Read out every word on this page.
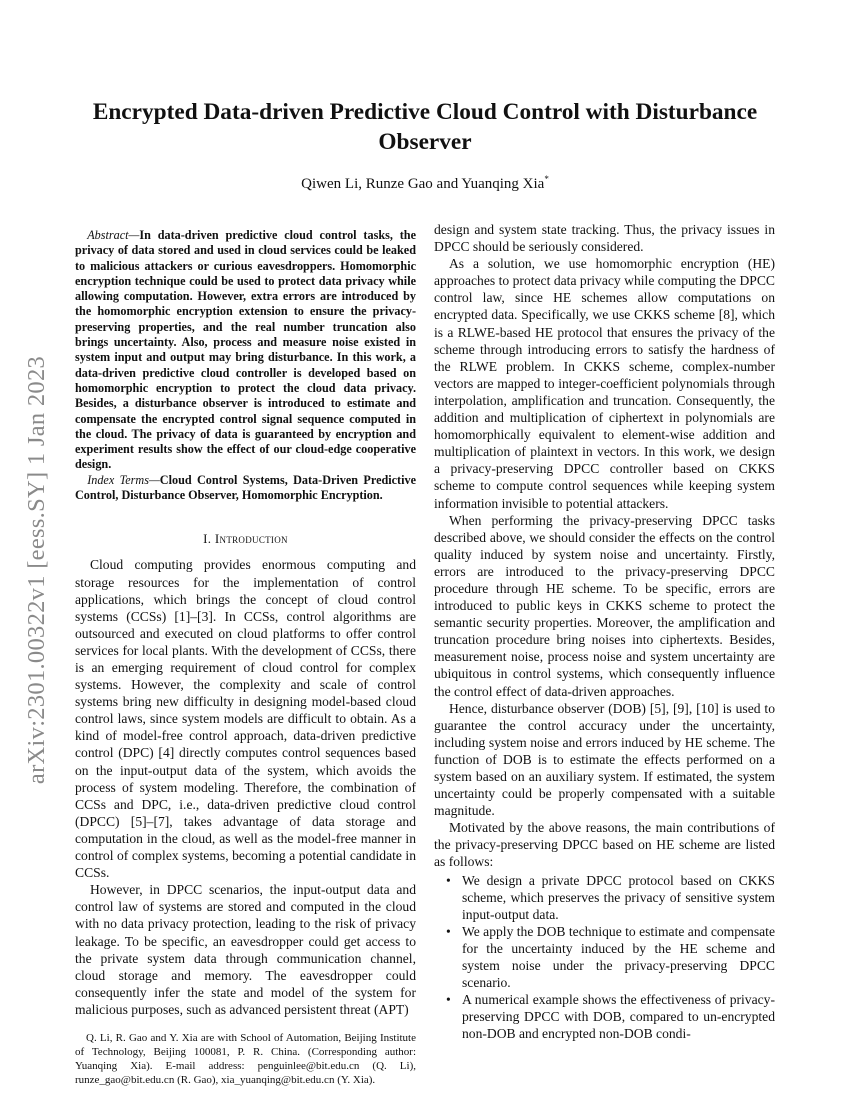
arXiv:2301.00322v1 [eess.SY] 1 Jan 2023
Encrypted Data-driven Predictive Cloud Control with Disturbance Observer
Qiwen Li, Runze Gao and Yuanqing Xia*

Abstract—In data-driven predictive cloud control tasks, the privacy of data stored and used in cloud services could be leaked to malicious attackers or curious eavesdroppers. Homomorphic encryption technique could be used to protect data privacy while allowing computation. However, extra errors are introduced by the homomorphic encryption extension to ensure the privacy-preserving properties, and the real number truncation also brings uncertainty. Also, process and measure noise existed in system input and output may bring disturbance. In this work, a data-driven predictive cloud controller is developed based on homomorphic encryption to protect the cloud data privacy. Besides, a disturbance observer is introduced to estimate and compensate the encrypted control signal sequence computed in the cloud. The privacy of data is guaranteed by encryption and experiment results show the effect of our cloud-edge cooperative design.

Index Terms—Cloud Control Systems, Data-Driven Predictive Control, Disturbance Observer, Homomorphic Encryption.

I. Introduction

Cloud computing provides enormous computing and storage resources for the implementation of control applications, which brings the concept of cloud control systems (CCSs) [1]–[3]. In CCSs, control algorithms are outsourced and executed on cloud platforms to offer control services for local plants. With the development of CCSs, there is an emerging requirement of cloud control for complex systems. However, the complexity and scale of control systems bring new difficulty in designing model-based cloud control laws, since system models are difficult to obtain. As a kind of model-free control approach, data-driven predictive control (DPC) [4] directly computes control sequences based on the input-output data of the system, which avoids the process of system modeling. Therefore, the combination of CCSs and DPC, i.e., data-driven predictive cloud control (DPCC) [5]–[7], takes advantage of data storage and computation in the cloud, as well as the model-free manner in control of complex systems, becoming a potential candidate in CCSs.

However, in DPCC scenarios, the input-output data and control law of systems are stored and computed in the cloud with no data privacy protection, leading to the risk of privacy leakage. To be specific, an eavesdropper could get access to the private system data through communication channel, cloud storage and memory. The eavesdropper could consequently infer the state and model of the system for malicious purposes, such as advanced persistent threat (APT)

Q. Li, R. Gao and Y. Xia are with School of Automation, Beijing Institute of Technology, Beijing 100081, P. R. China. (Corresponding author: Yuanqing Xia). E-mail address: penguinlee@bit.edu.cn (Q. Li), runze_gao@bit.edu.cn (R. Gao), xia_yuanqing@bit.edu.cn (Y. Xia).

design and system state tracking. Thus, the privacy issues in DPCC should be seriously considered.

As a solution, we use homomorphic encryption (HE) approaches to protect data privacy while computing the DPCC control law, since HE schemes allow computations on encrypted data. Specifically, we use CKKS scheme [8], which is a RLWE-based HE protocol that ensures the privacy of the scheme through introducing errors to satisfy the hardness of the RLWE problem. In CKKS scheme, complex-number vectors are mapped to integer-coefficient polynomials through interpolation, amplification and truncation. Consequently, the addition and multiplication of ciphertext in polynomials are homomorphically equivalent to element-wise addition and multiplication of plaintext in vectors. In this work, we design a privacy-preserving DPCC controller based on CKKS scheme to compute control sequences while keeping system information invisible to potential attackers.

When performing the privacy-preserving DPCC tasks described above, we should consider the effects on the control quality induced by system noise and uncertainty. Firstly, errors are introduced to the privacy-preserving DPCC procedure through HE scheme. To be specific, errors are introduced to public keys in CKKS scheme to protect the semantic security properties. Moreover, the amplification and truncation procedure bring noises into ciphertexts. Besides, measurement noise, process noise and system uncertainty are ubiquitous in control systems, which consequently influence the control effect of data-driven approaches.

Hence, disturbance observer (DOB) [5], [9], [10] is used to guarantee the control accuracy under the uncertainty, including system noise and errors induced by HE scheme. The function of DOB is to estimate the effects performed on a system based on an auxiliary system. If estimated, the system uncertainty could be properly compensated with a suitable magnitude.

Motivated by the above reasons, the main contributions of the privacy-preserving DPCC based on HE scheme are listed as follows:

• We design a private DPCC protocol based on CKKS scheme, which preserves the privacy of sensitive system input-output data.
• We apply the DOB technique to estimate and compensate for the uncertainty induced by the HE scheme and system noise under the privacy-preserving DPCC scenario.
• A numerical example shows the effectiveness of privacy-preserving DPCC with DOB, compared to un-encrypted non-DOB and encrypted non-DOB condi-
